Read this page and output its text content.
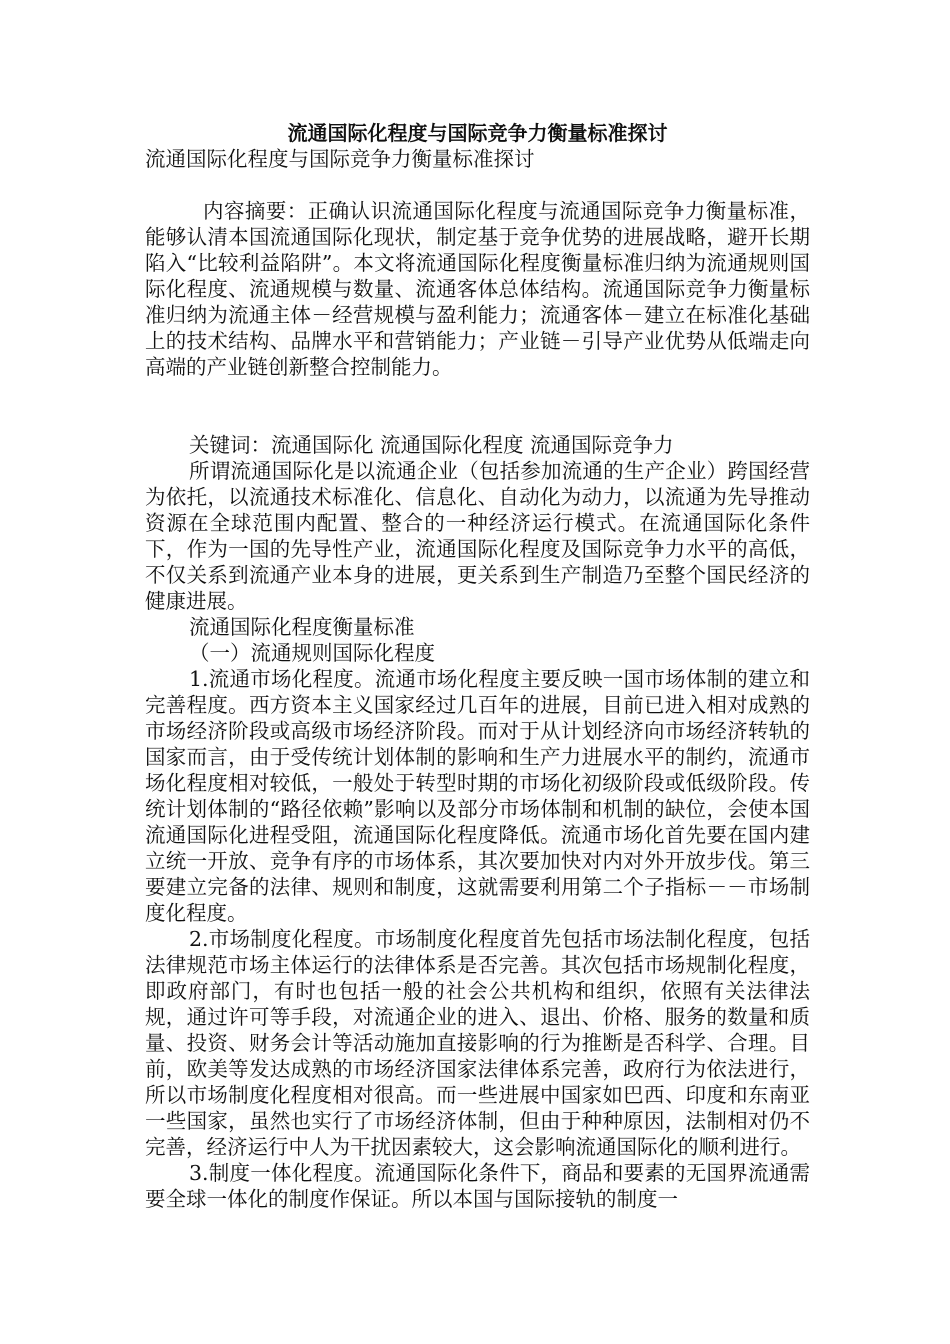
流通国际化程度与国际竞争力衡量标准探讨
流通国际化程度与国际竞争力衡量标准探讨

内容摘要：正确认识流通国际化程度与流通国际竞争力衡量标准，能够认清本国流通国际化现状，制定基于竞争优势的进展战略，避开长期陷入“比较利益陷阱”。本文将流通国际化程度衡量标准归纳为流通规则国际化程度、流通规模与数量、流通客体总体结构。流通国际竞争力衡量标准归纳为流通主体－经营规模与盈利能力；流通客体－建立在标准化基础上的技术结构、品牌水平和营销能力；产业链－引导产业优势从低端走向高端的产业链创新整合控制能力。

关键词：流通国际化 流通国际化程度 流通国际竞争力

所谓流通国际化是以流通企业（包括参加流通的生产企业）跨国经营为依托，以流通技术标准化、信息化、自动化为动力，以流通为先导推动资源在全球范围内配置、整合的一种经济运行模式。在流通国际化条件下，作为一国的先导性产业，流通国际化程度及国际竞争力水平的高低，不仅关系到流通产业本身的进展，更关系到生产制造乃至整个国民经济的健康进展。

流通国际化程度衡量标准

（一）流通规则国际化程度

1.流通市场化程度。流通市场化程度主要反映一国市场体制的建立和完善程度。西方资本主义国家经过几百年的进展，目前已进入相对成熟的市场经济阶段或高级市场经济阶段。而对于从计划经济向市场经济转轨的国家而言，由于受传统计划体制的影响和生产力进展水平的制约，流通市场化程度相对较低，一般处于转型时期的市场化初级阶段或低级阶段。传统计划体制的“路径依赖”影响以及部分市场体制和机制的缺位，会使本国流通国际化进程受阻，流通国际化程度降低。流通市场化首先要在国内建立统一开放、竞争有序的市场体系，其次要加快对内对外开放步伐。第三要建立完备的法律、规则和制度，这就需要利用第二个子指标－－市场制度化程度。

2.市场制度化程度。市场制度化程度首先包括市场法制化程度，包括法律规范市场主体运行的法律体系是否完善。其次包括市场规制化程度，即政府部门，有时也包括一般的社会公共机构和组织，依照有关法律法规，通过许可等手段，对流通企业的进入、退出、价格、服务的数量和质量、投资、财务会计等活动施加直接影响的行为推断是否科学、合理。目前，欧美等发达成熟的市场经济国家法律体系完善，政府行为依法进行，所以市场制度化程度相对很高。而一些进展中国家如巴西、印度和东南亚一些国家，虽然也实行了市场经济体制，但由于种种原因，法制相对仍不完善，经济运行中人为干扰因素较大，这会影响流通国际化的顺利进行。

3.制度一体化程度。流通国际化条件下，商品和要素的无国界流通需要全球一体化的制度作保证。所以本国与国际接轨的制度一
